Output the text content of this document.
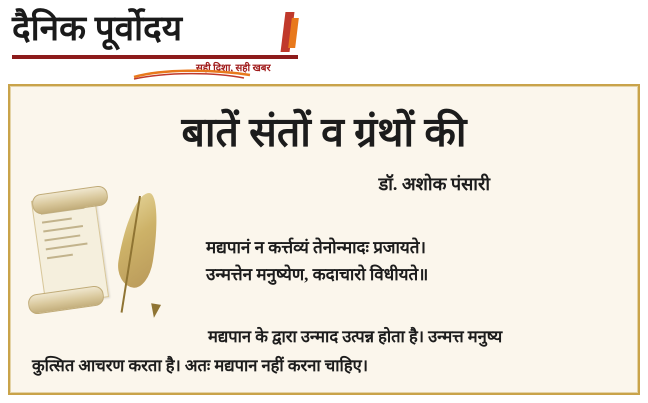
दैनिक पूर्वोदय
सही दिशा, सही खबर
बातें संतों व ग्रंथों की
डॉ. अशोक पंसारी
मद्यपानं न कर्त्तव्यं तेनोन्मादः प्रजायते।
उन्मत्तेन मनुष्येण, कदाचारो विधीयते॥
मद्यपान के द्वारा उन्माद उत्पन्न होता है। उन्मत्त मनुष्य
कुत्सित आचरण करता है। अतः मद्यपान नहीं करना चाहिए।
